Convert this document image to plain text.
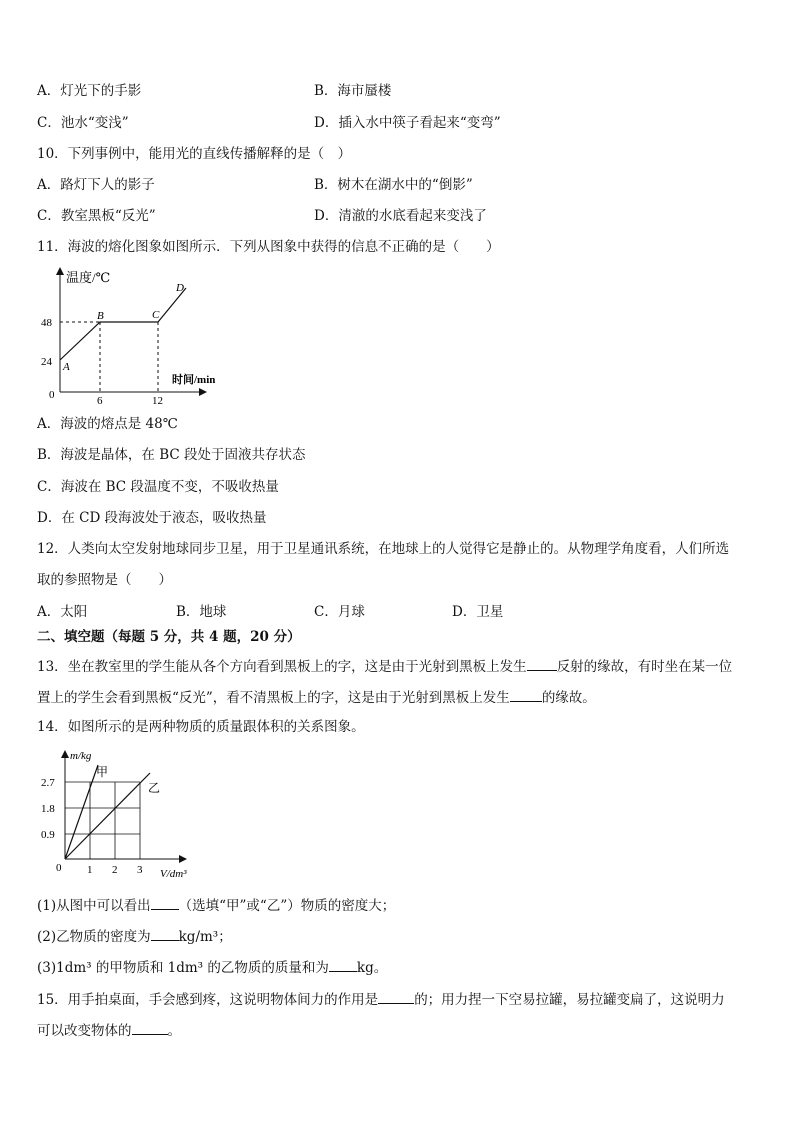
A．灯光下的手影	B．海市蜃楼
C．池水“变浅”	D．插入水中筷子看起来“变弯”
10．下列事例中，能用光的直线传播解释的是（　）
A．路灯下人的影子	B．树木在湖水中的“倒影”
C．教室黑板“反光”	D．清澈的水底看起来变浅了
11．海波的熔化图象如图所示．下列从图象中获得的信息不正确的是（　　）
温度/℃
时间/min
0
48
24
6	12
A
B	C
D
A．海波的熔点是 48℃
B．海波是晶体，在 BC 段处于固液共存状态
C．海波在 BC 段温度不变，不吸收热量
D．在 CD 段海波处于液态，吸收热量
12．人类向太空发射地球同步卫星，用于卫星通讯系统，在地球上的人觉得它是静止的。从物理学角度看，人们所选
取的参照物是（　　）
A．太阳	B．地球	C．月球	D．卫星
二、填空题（每题 5 分，共 4 题，20 分）
13．坐在教室里的学生能从各个方向看到黑板上的字，这是由于光射到黑板上发生 反射的缘故，有时坐在某一位
置上的学生会看到黑板“反光”，看不清黑板上的字，这是由于光射到黑板上发生 的缘故。
14．如图所示的是两种物质的质量跟体积的关系图象。
m/kg
V/dm³
0
2.7
1.8
0.9
1 2 3
甲
乙
(1)从图中可以看出 （选填“甲”或“乙”）物质的密度大；
(2)乙物质的密度为 kg/m³；
(3)1dm³ 的甲物质和 1dm³ 的乙物质的质量和为 kg。
15．用手拍桌面，手会感到疼，这说明物体间力的作用是	的；用力捏一下空易拉罐，易拉罐变扁了，这说明力
可以改变物体的	。
